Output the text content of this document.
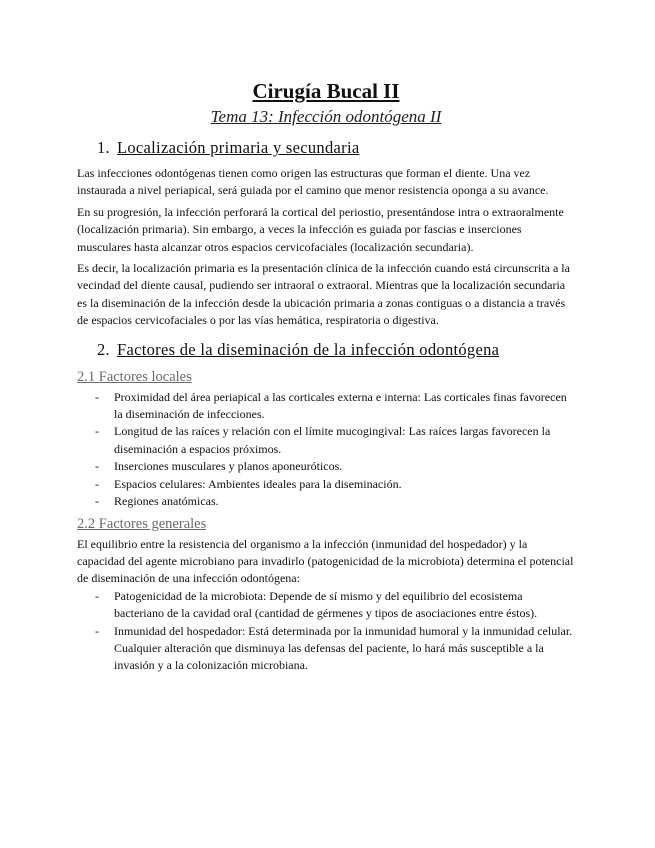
Cirugía Bucal II
Tema 13: Infección odontógena II
1. Localización primaria y secundaria

Las infecciones odontógenas tienen como origen las estructuras que forman el diente. Una vez instaurada a nivel periapical, será guiada por el camino que menor resistencia oponga a su avance.

En su progresión, la infección perforará la cortical del periostio, presentándose intra o extraoralmente (localización primaria). Sin embargo, a veces la infección es guiada por fascias e inserciones musculares hasta alcanzar otros espacios cervicofaciales (localización secundaria).

Es decir, la localización primaria es la presentación clínica de la infección cuando está circunscrita a la vecindad del diente causal, pudiendo ser intraoral o extraoral. Mientras que la localización secundaria es la diseminación de la infección desde la ubicación primaria a zonas contiguas o a distancia a través de espacios cervicofaciales o por las vías hemática, respiratoria o digestiva.

2. Factores de la diseminación de la infección odontógena
2.1 Factores locales
- Proximidad del área periapical a las corticales externa e interna: Las corticales finas favorecen la diseminación de infecciones.
- Longitud de las raíces y relación con el límite mucogingival: Las raíces largas favorecen la diseminación a espacios próximos.
- Inserciones musculares y planos aponeuróticos.
- Espacios celulares: Ambientes ideales para la diseminación.
- Regiones anatómicas.
2.2 Factores generales

El equilibrio entre la resistencia del organismo a la infección (inmunidad del hospedador) y la capacidad del agente microbiano para invadirlo (patogenicidad de la microbiota) determina el potencial de diseminación de una infección odontógena:

- Patogenicidad de la microbiota: Depende de sí mismo y del equilibrio del ecosistema bacteriano de la cavidad oral (cantidad de gérmenes y tipos de asociaciones entre éstos).
- Inmunidad del hospedador: Está determinada por la inmunidad humoral y la inmunidad celular. Cualquier alteración que disminuya las defensas del paciente, lo hará más susceptible a la invasión y a la colonización microbiana.
